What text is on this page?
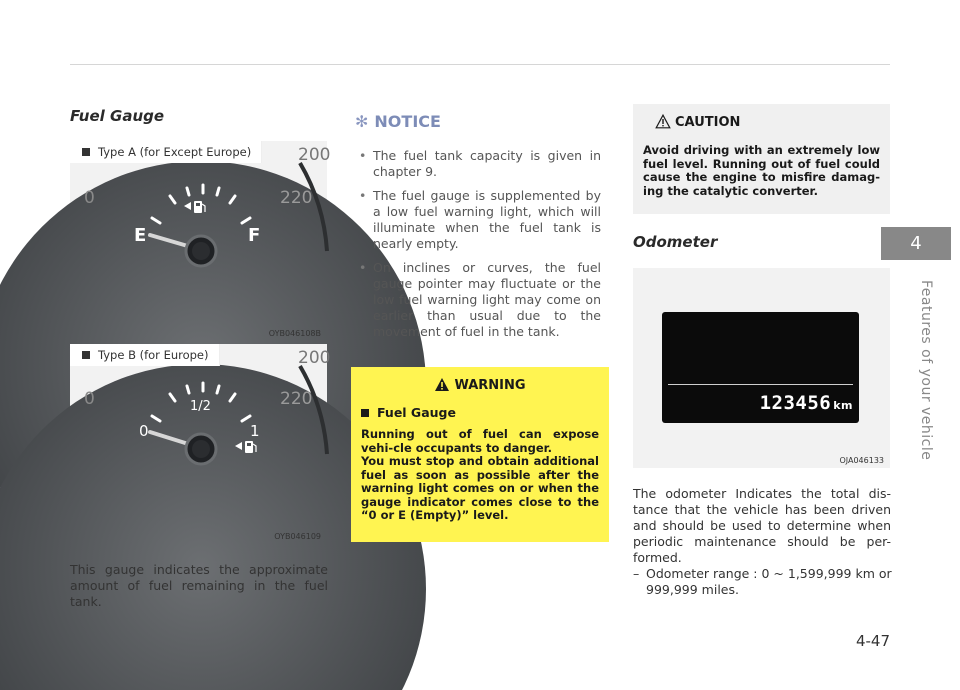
Fuel Gauge
200
220
0
E	F
Type A (for Except Europe)
OYB046108B
200
220
0	1/2
0	1
Type B (for Europe)
OYB046109

This gauge indicates the approximate amount of fuel remaining in the fuel tank.

✻ NOTICE
• The fuel tank capacity is given in chapter 9.
• The fuel gauge is supplemented by a low fuel warning light, which will illuminate when the fuel tank is nearly empty.
• On inclines or curves, the fuel gauge pointer may fluctuate or the low fuel warning light may come on earlier than usual due to the movement of fuel in the tank.
WARNING
Fuel Gauge
Running out of fuel can expose vehi-cle occupants to danger.
You must stop and obtain additional fuel as soon as possible after the warning light comes on or when the gauge indicator comes close to the “0 or E (Empty)” level.
CAUTION
Avoid driving with an extremely low fuel level. Running out of fuel could cause the engine to misfire damag-ing the catalytic converter.
Odometer
123456 km
OJA046133

The odometer Indicates the total dis-tance that the vehicle has been driven and should be used to determine when periodic maintenance should be per-formed.

– Odometer range : 0 ~ 1,599,999 km or 999,999 miles.

4
Features of your vehicle
4-47
